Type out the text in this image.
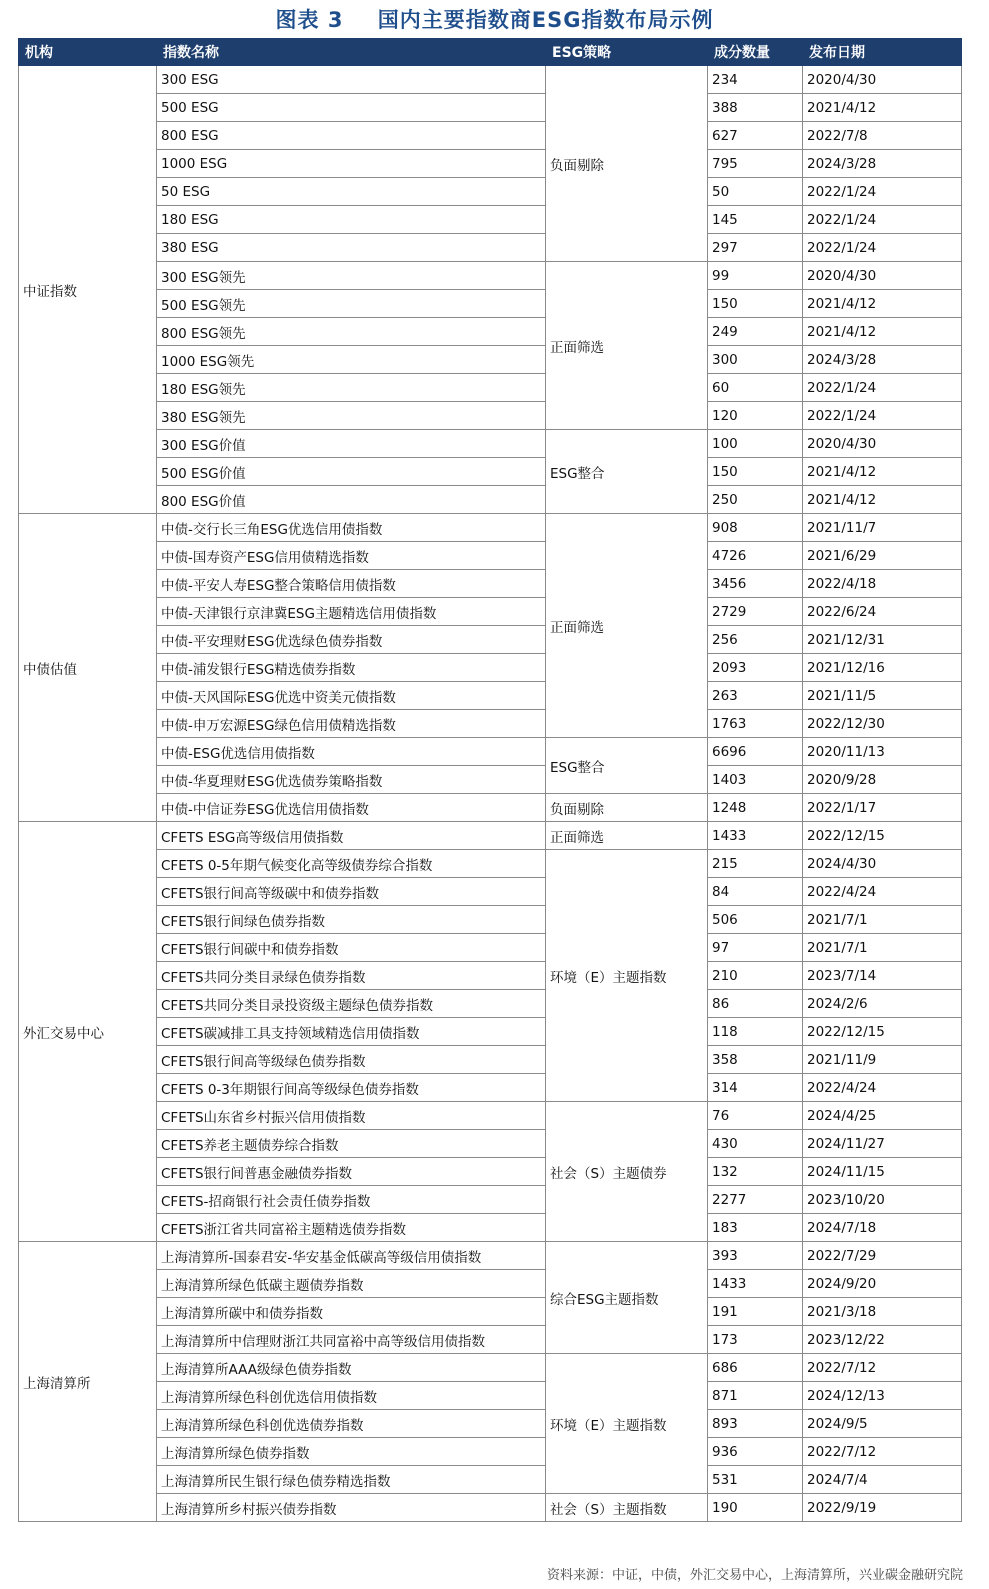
图表 3 国内主要指数商ESG指数布局示例
机构	指数名称	ESG策略	成分数量	发布日期
中证指数	300 ESG	负面剔除	234	2020/4/30
	500 ESG		388	2021/4/12
	800 ESG		627	2022/7/8
	1000 ESG		795	2024/3/28
	50 ESG		50	2022/1/24
	180 ESG		145	2022/1/24
	380 ESG		297	2022/1/24
	300 ESG领先	正面筛选	99	2020/4/30
	500 ESG领先		150	2021/4/12
	800 ESG领先		249	2021/4/12
	1000 ESG领先		300	2024/3/28
	180 ESG领先		60	2022/1/24
	380 ESG领先		120	2022/1/24
	300 ESG价值	ESG整合	100	2020/4/30
	500 ESG价值		150	2021/4/12
	800 ESG价值		250	2021/4/12
中债估值	中债-交行长三角ESG优选信用债指数	正面筛选	908	2021/11/7
	中债-国寿资产ESG信用债精选指数		4726	2021/6/29
	中债-平安人寿ESG整合策略信用债指数		3456	2022/4/18
	中债-天津银行京津冀ESG主题精选信用债指数		2729	2022/6/24
	中债-平安理财ESG优选绿色债券指数		256	2021/12/31
	中债-浦发银行ESG精选债券指数		2093	2021/12/16
	中债-天风国际ESG优选中资美元债指数		263	2021/11/5
	中债-申万宏源ESG绿色信用债精选指数		1763	2022/12/30
	中债-ESG优选信用债指数	ESG整合	6696	2020/11/13
	中债-华夏理财ESG优选债券策略指数		1403	2020/9/28
	中债-中信证券ESG优选信用债指数	负面剔除	1248	2022/1/17
外汇交易中心	CFETS ESG高等级信用债指数	正面筛选	1433	2022/12/15
	CFETS 0-5年期气候变化高等级债券综合指数	环境（E）主题指数	215	2024/4/30
	CFETS银行间高等级碳中和债券指数		84	2022/4/24
	CFETS银行间绿色债券指数		506	2021/7/1
	CFETS银行间碳中和债券指数		97	2021/7/1
	CFETS共同分类目录绿色债券指数		210	2023/7/14
	CFETS共同分类目录投资级主题绿色债券指数		86	2024/2/6
	CFETS碳减排工具支持领域精选信用债指数		118	2022/12/15
	CFETS银行间高等级绿色债券指数		358	2021/11/9
	CFETS 0-3年期银行间高等级绿色债券指数		314	2022/4/24
	CFETS山东省乡村振兴信用债指数	社会（S）主题债券	76	2024/4/25
	CFETS养老主题债券综合指数		430	2024/11/27
	CFETS银行间普惠金融债券指数		132	2024/11/15
	CFETS-招商银行社会责任债券指数		2277	2023/10/20
	CFETS浙江省共同富裕主题精选债券指数		183	2024/7/18
上海清算所	上海清算所-国泰君安-华安基金低碳高等级信用债指数	综合ESG主题指数	393	2022/7/29
	上海清算所绿色低碳主题债券指数		1433	2024/9/20
	上海清算所碳中和债券指数		191	2021/3/18
	上海清算所中信理财浙江共同富裕中高等级信用债指数		173	2023/12/22
	上海清算所AAA级绿色债券指数	环境（E）主题指数	686	2022/7/12
	上海清算所绿色科创优选信用债指数		871	2024/12/13
	上海清算所绿色科创优选债券指数		893	2024/9/5
	上海清算所绿色债券指数		936	2022/7/12
	上海清算所民生银行绿色债券精选指数		531	2024/7/4
	上海清算所乡村振兴债券指数	社会（S）主题指数	190	2022/9/19
资料来源：中证，中债，外汇交易中心，上海清算所，兴业碳金融研究院
